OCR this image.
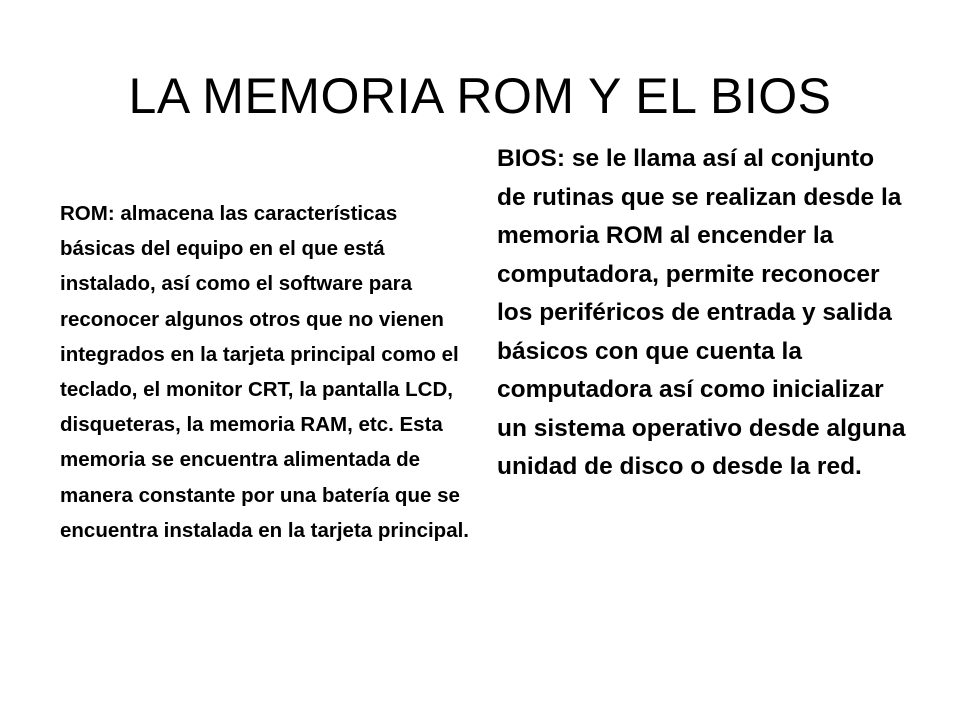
LA MEMORIA ROM Y EL BIOS

ROM: almacena las características básicas del equipo en el que está instalado, así como el software para reconocer algunos otros que no vienen integrados en la tarjeta principal como el teclado, el monitor CRT, la pantalla LCD, disqueteras, la memoria RAM, etc. Esta memoria se encuentra alimentada de manera constante por una batería que se encuentra instalada en la tarjeta principal.

BIOS: se le llama así al conjunto de rutinas que se realizan desde la memoria ROM al encender la computadora, permite reconocer los periféricos de entrada y salida básicos con que cuenta la computadora así como inicializar un sistema operativo desde alguna unidad de disco o desde la red.
